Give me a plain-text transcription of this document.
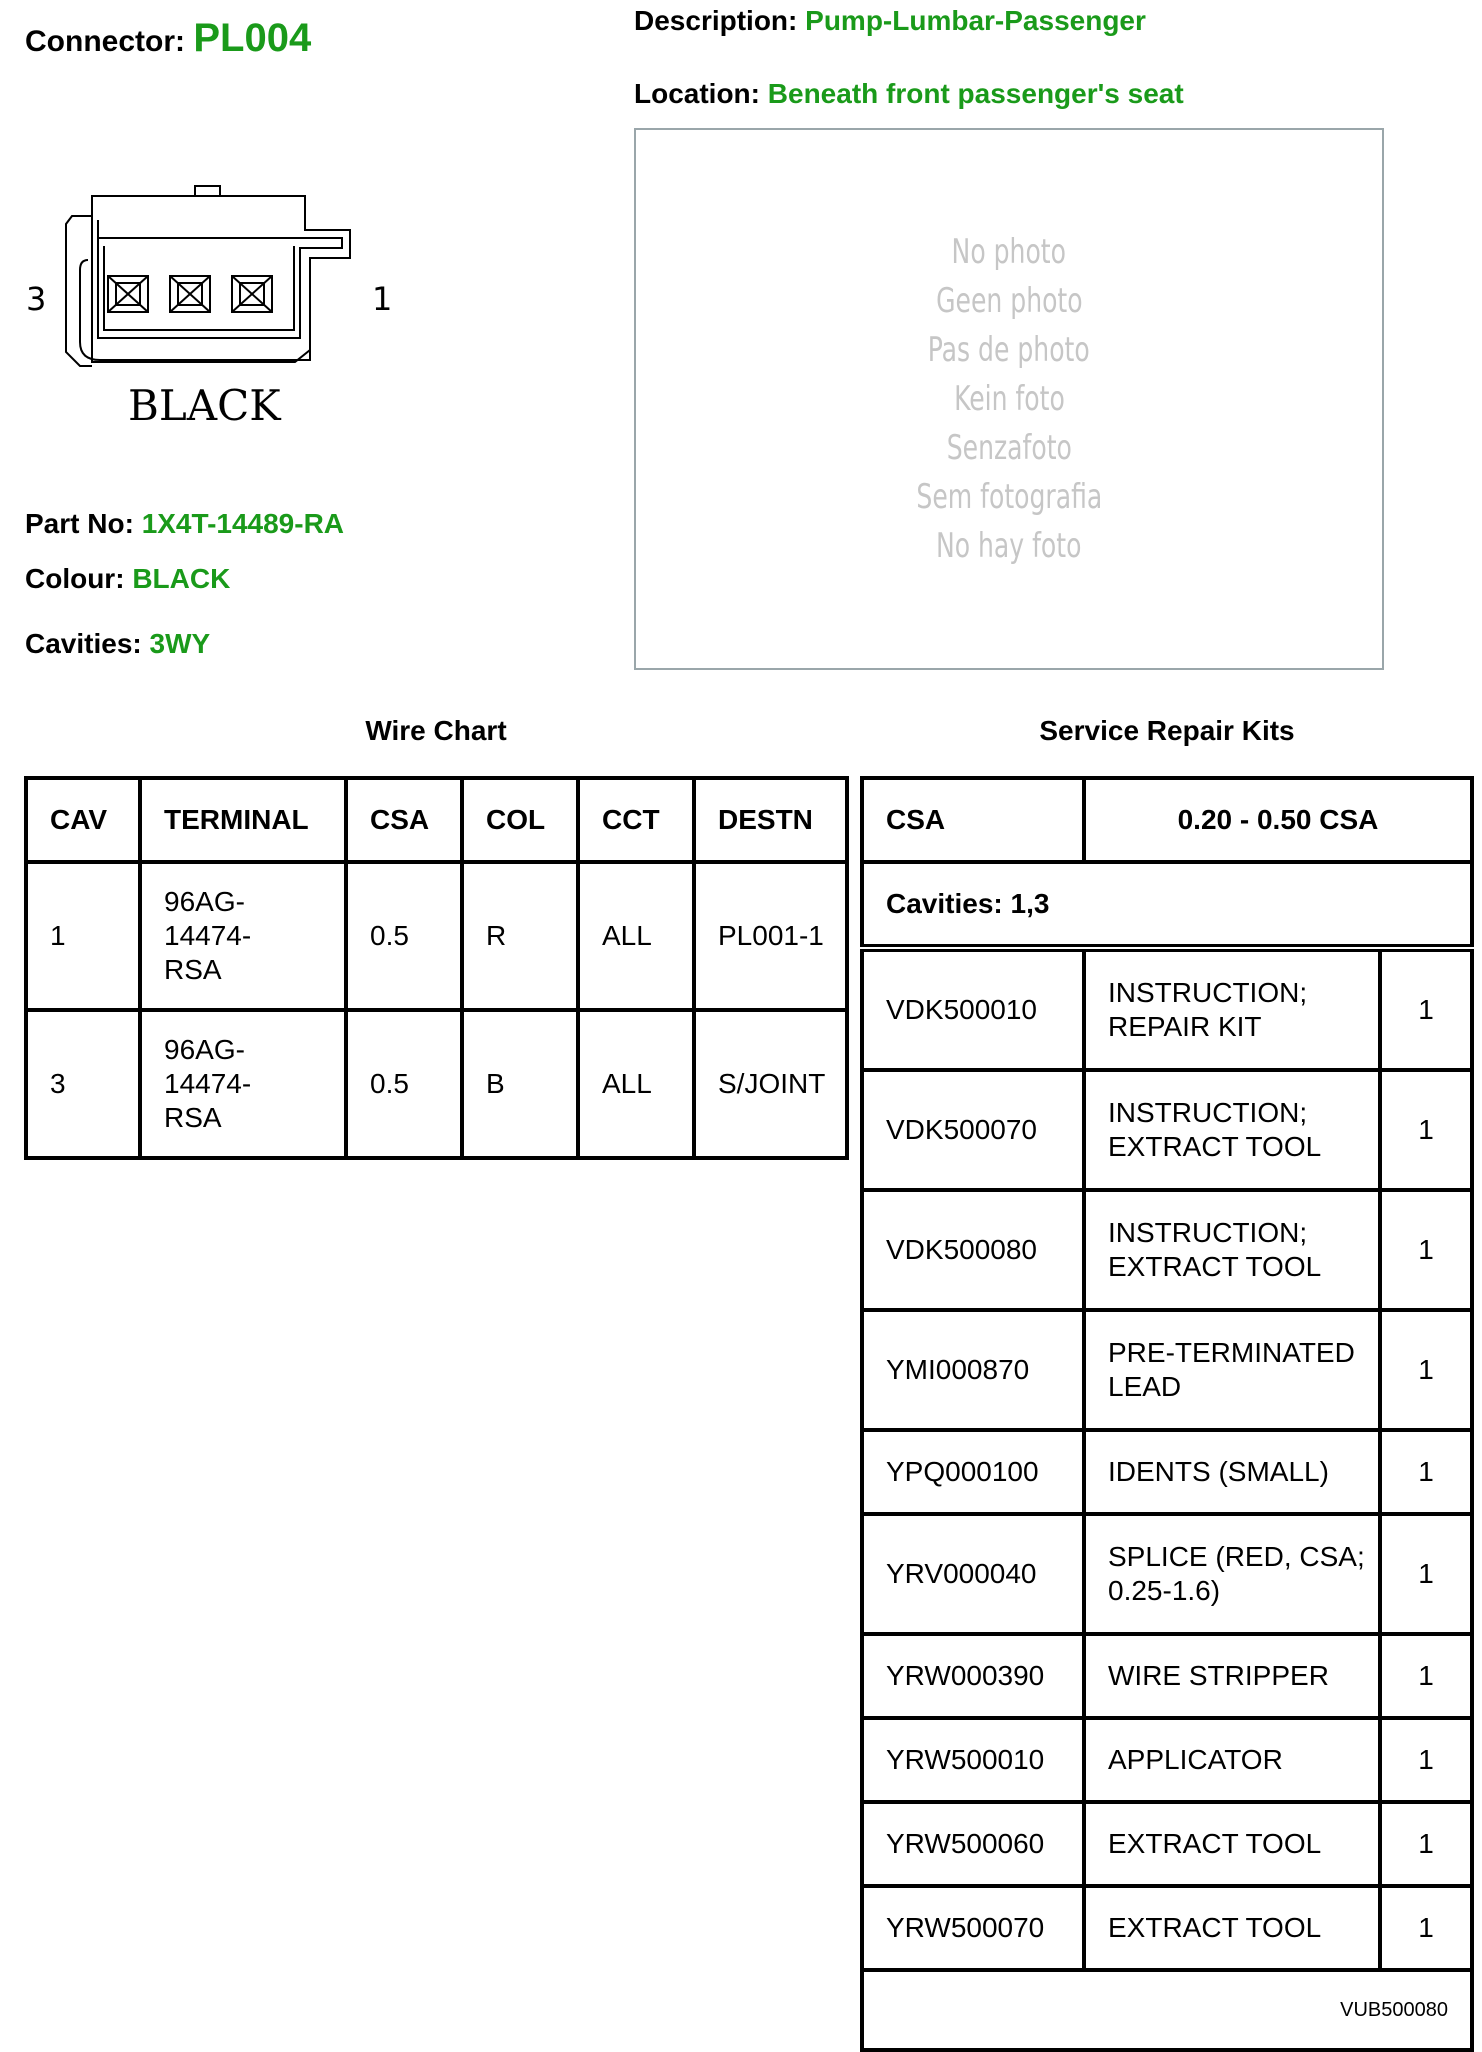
Connector: PL004	Description: Pump-Lumbar-Passenger
Location: Beneath front passenger's seat
3	1
BLACK
Part No: 1X4T-14489-RA
Colour: BLACK
Cavities: 3WY
No photo
Geen photo
Pas de photo
Kein foto
Senzafoto
Sem fotografia
No hay foto
Wire Chart	Service Repair Kits
CAV	TERMINAL	CSA	COL	CCT	DESTN
1	96AG-14474-RSA	0.5	R	ALL	PL001-1
3	96AG-14474-RSA	0.5	B	ALL	S/JOINT
CSA	0.20 - 0.50 CSA	
Cavities: 1,3		
VDK500010	INSTRUCTION; REPAIR KIT	1
VDK500070	INSTRUCTION; EXTRACT TOOL	1
VDK500080	INSTRUCTION; EXTRACT TOOL	1
YMI000870	PRE-TERMINATED LEAD	1
YPQ000100	IDENTS (SMALL)	1
YRV000040	SPLICE (RED, CSA; 0.25-1.6)	1
YRW000390	WIRE STRIPPER	1
YRW500010	APPLICATOR	1
YRW500060	EXTRACT TOOL	1
YRW500070	EXTRACT TOOL	1
VUB500080		
